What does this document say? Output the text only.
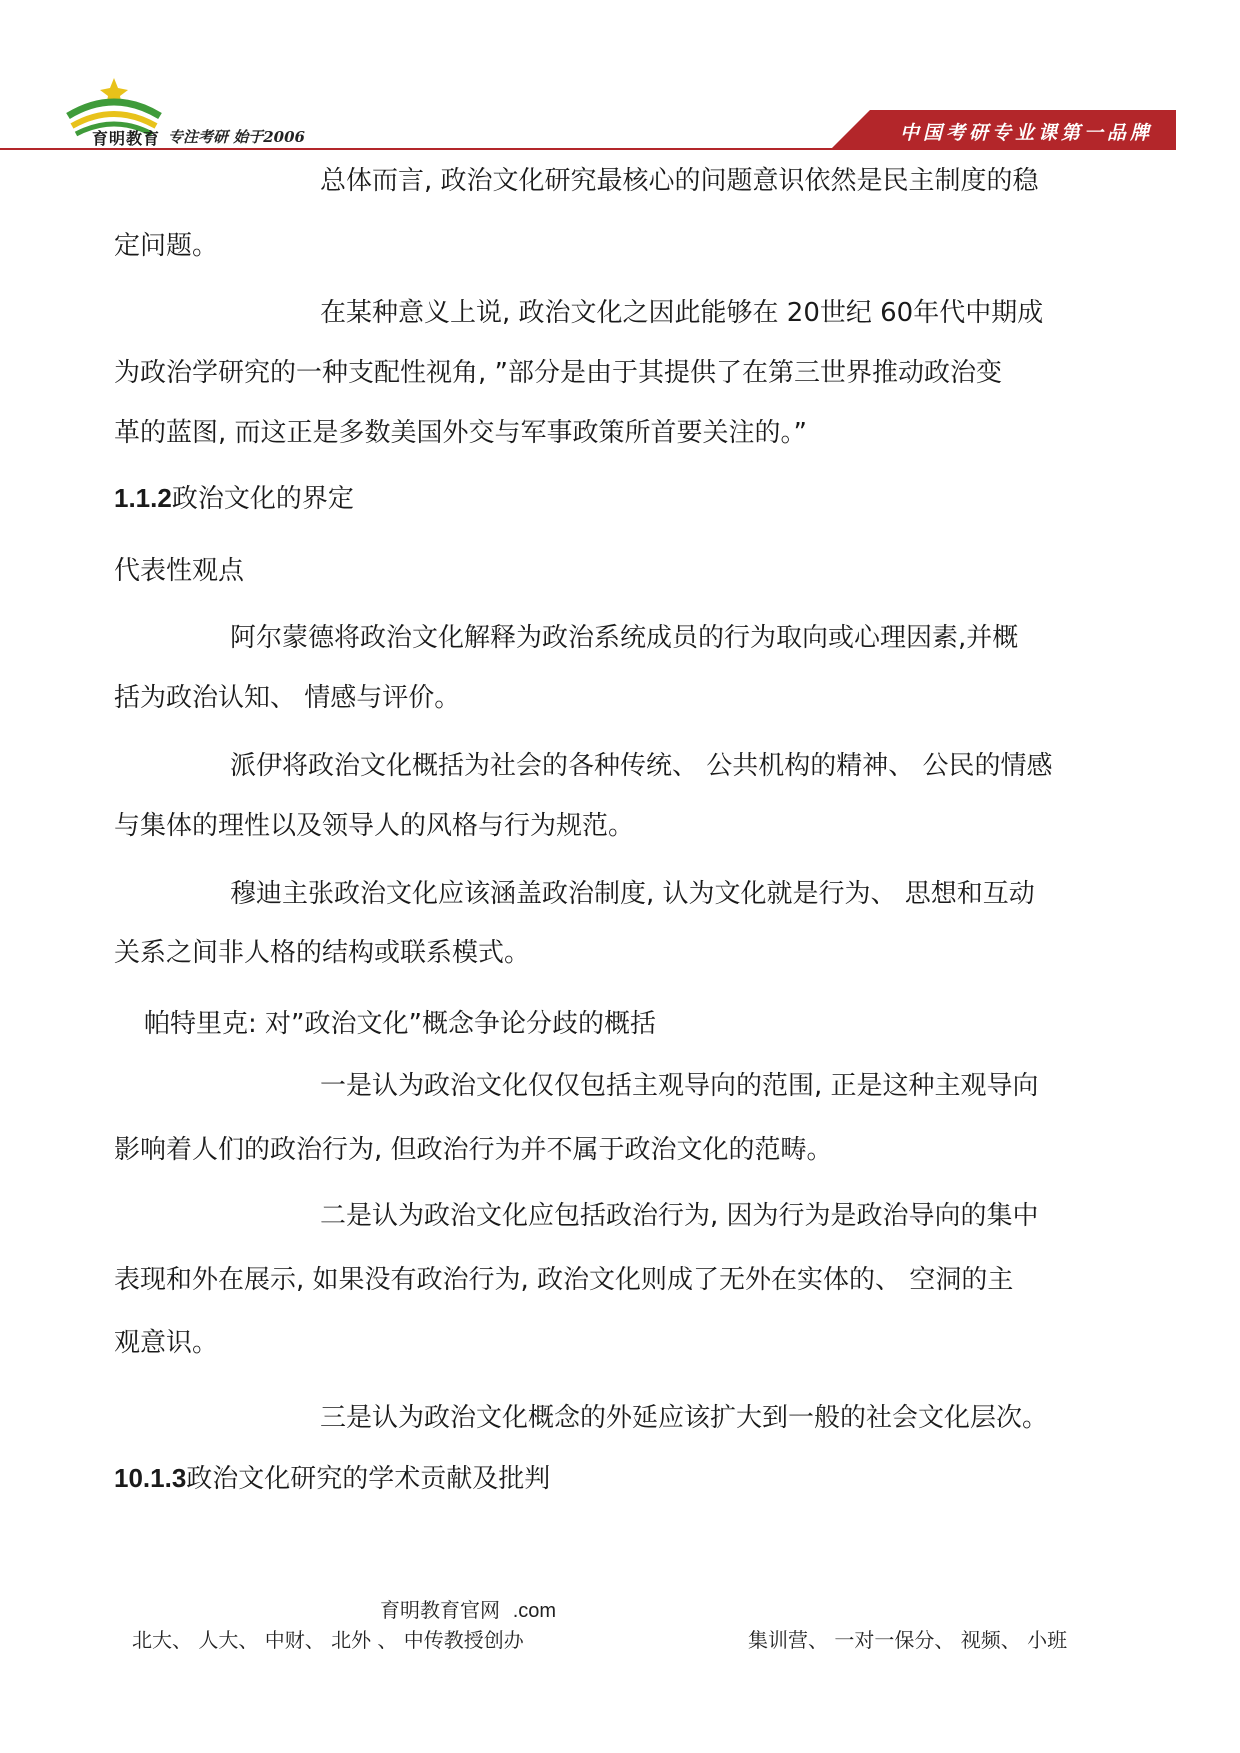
育明教育 专注考研 始于2006	中国考研专业课第一品牌
总体而言, 政治文化研究最核心的问题意识依然是民主制度的稳
定问题。
在某种意义上说, 政治文化之因此能够在 20世纪 60年代中期成
为政治学研究的一种支配性视角, ”部分是由于其提供了在第三世界推动政治变
革的蓝图, 而这正是多数美国外交与军事政策所首要关注的。”
1.1.2政治文化的界定
代表性观点
阿尔蒙德将政治文化解释为政治系统成员的行为取向或心理因素,并概
括为政治认知、 情感与评价。
派伊将政治文化概括为社会的各种传统、 公共机构的精神、 公民的情感
与集体的理性以及领导人的风格与行为规范。
穆迪主张政治文化应该涵盖政治制度, 认为文化就是行为、 思想和互动
关系之间非人格的结构或联系模式。
帕特里克: 对”政治文化”概念争论分歧的概括
一是认为政治文化仅仅包括主观导向的范围, 正是这种主观导向
影响着人们的政治行为, 但政治行为并不属于政治文化的范畴。
二是认为政治文化应包括政治行为, 因为行为是政治导向的集中
表现和外在展示, 如果没有政治行为, 政治文化则成了无外在实体的、 空洞的主
观意识。
三是认为政治文化概念的外延应该扩大到一般的社会文化层次。
10.1.3政治文化研究的学术贡献及批判
育明教育官网 .com
北大、 人大、 中财、 北外 、 中传教授创办	集训营、 一对一保分、 视频、 小班
